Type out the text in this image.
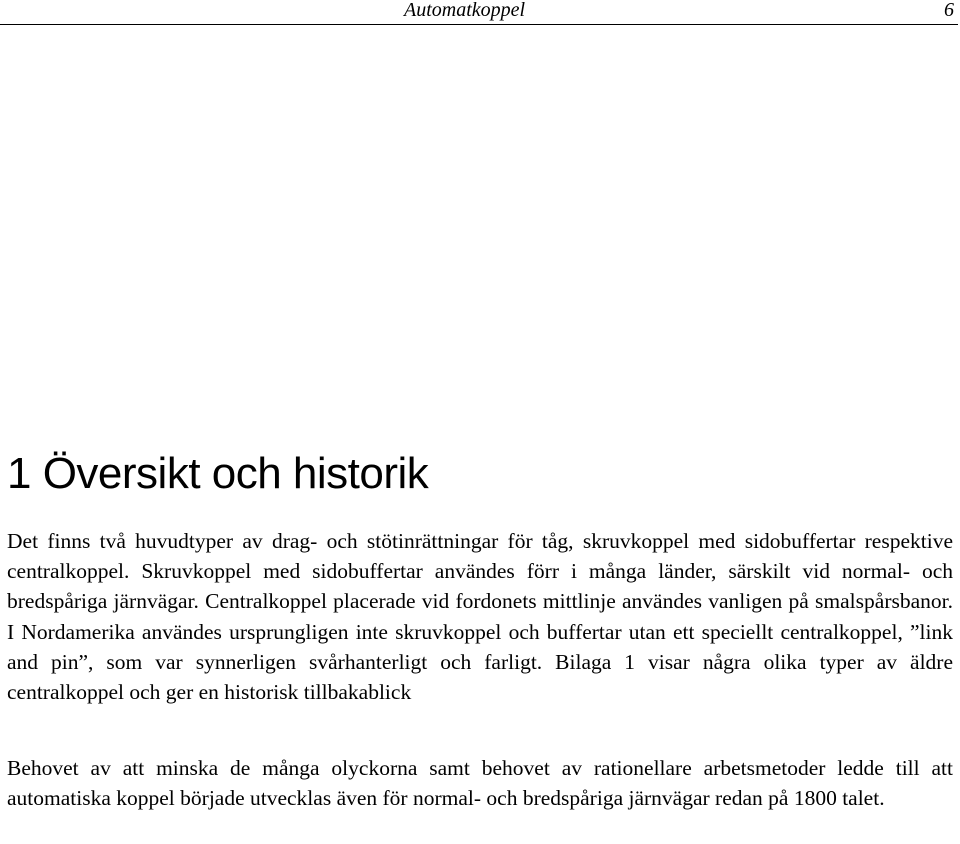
Automatkoppel	6
1 Översikt och historik

Det finns två huvudtyper av drag- och stötinrättningar för tåg, skruvkoppel med sidobuffertar respektive centralkoppel. Skruvkoppel med sidobuffertar användes förr i många länder, särskilt vid normal- och bredspåriga järnvägar. Centralkoppel placerade vid fordonets mittlinje användes vanligen på smalspårsbanor. I Nordamerika användes ursprungligen inte skruvkoppel och buffertar utan ett speciellt centralkoppel, ”link and pin”, som var synnerligen svårhanterligt och farligt. Bilaga 1 visar några olika typer av äldre centralkoppel och ger en historisk tillbakablick

Behovet av att minska de många olyckorna samt behovet av rationellare arbetsmetoder ledde till att automatiska koppel började utvecklas även för normal- och bredspåriga järnvägar redan på 1800 talet.
